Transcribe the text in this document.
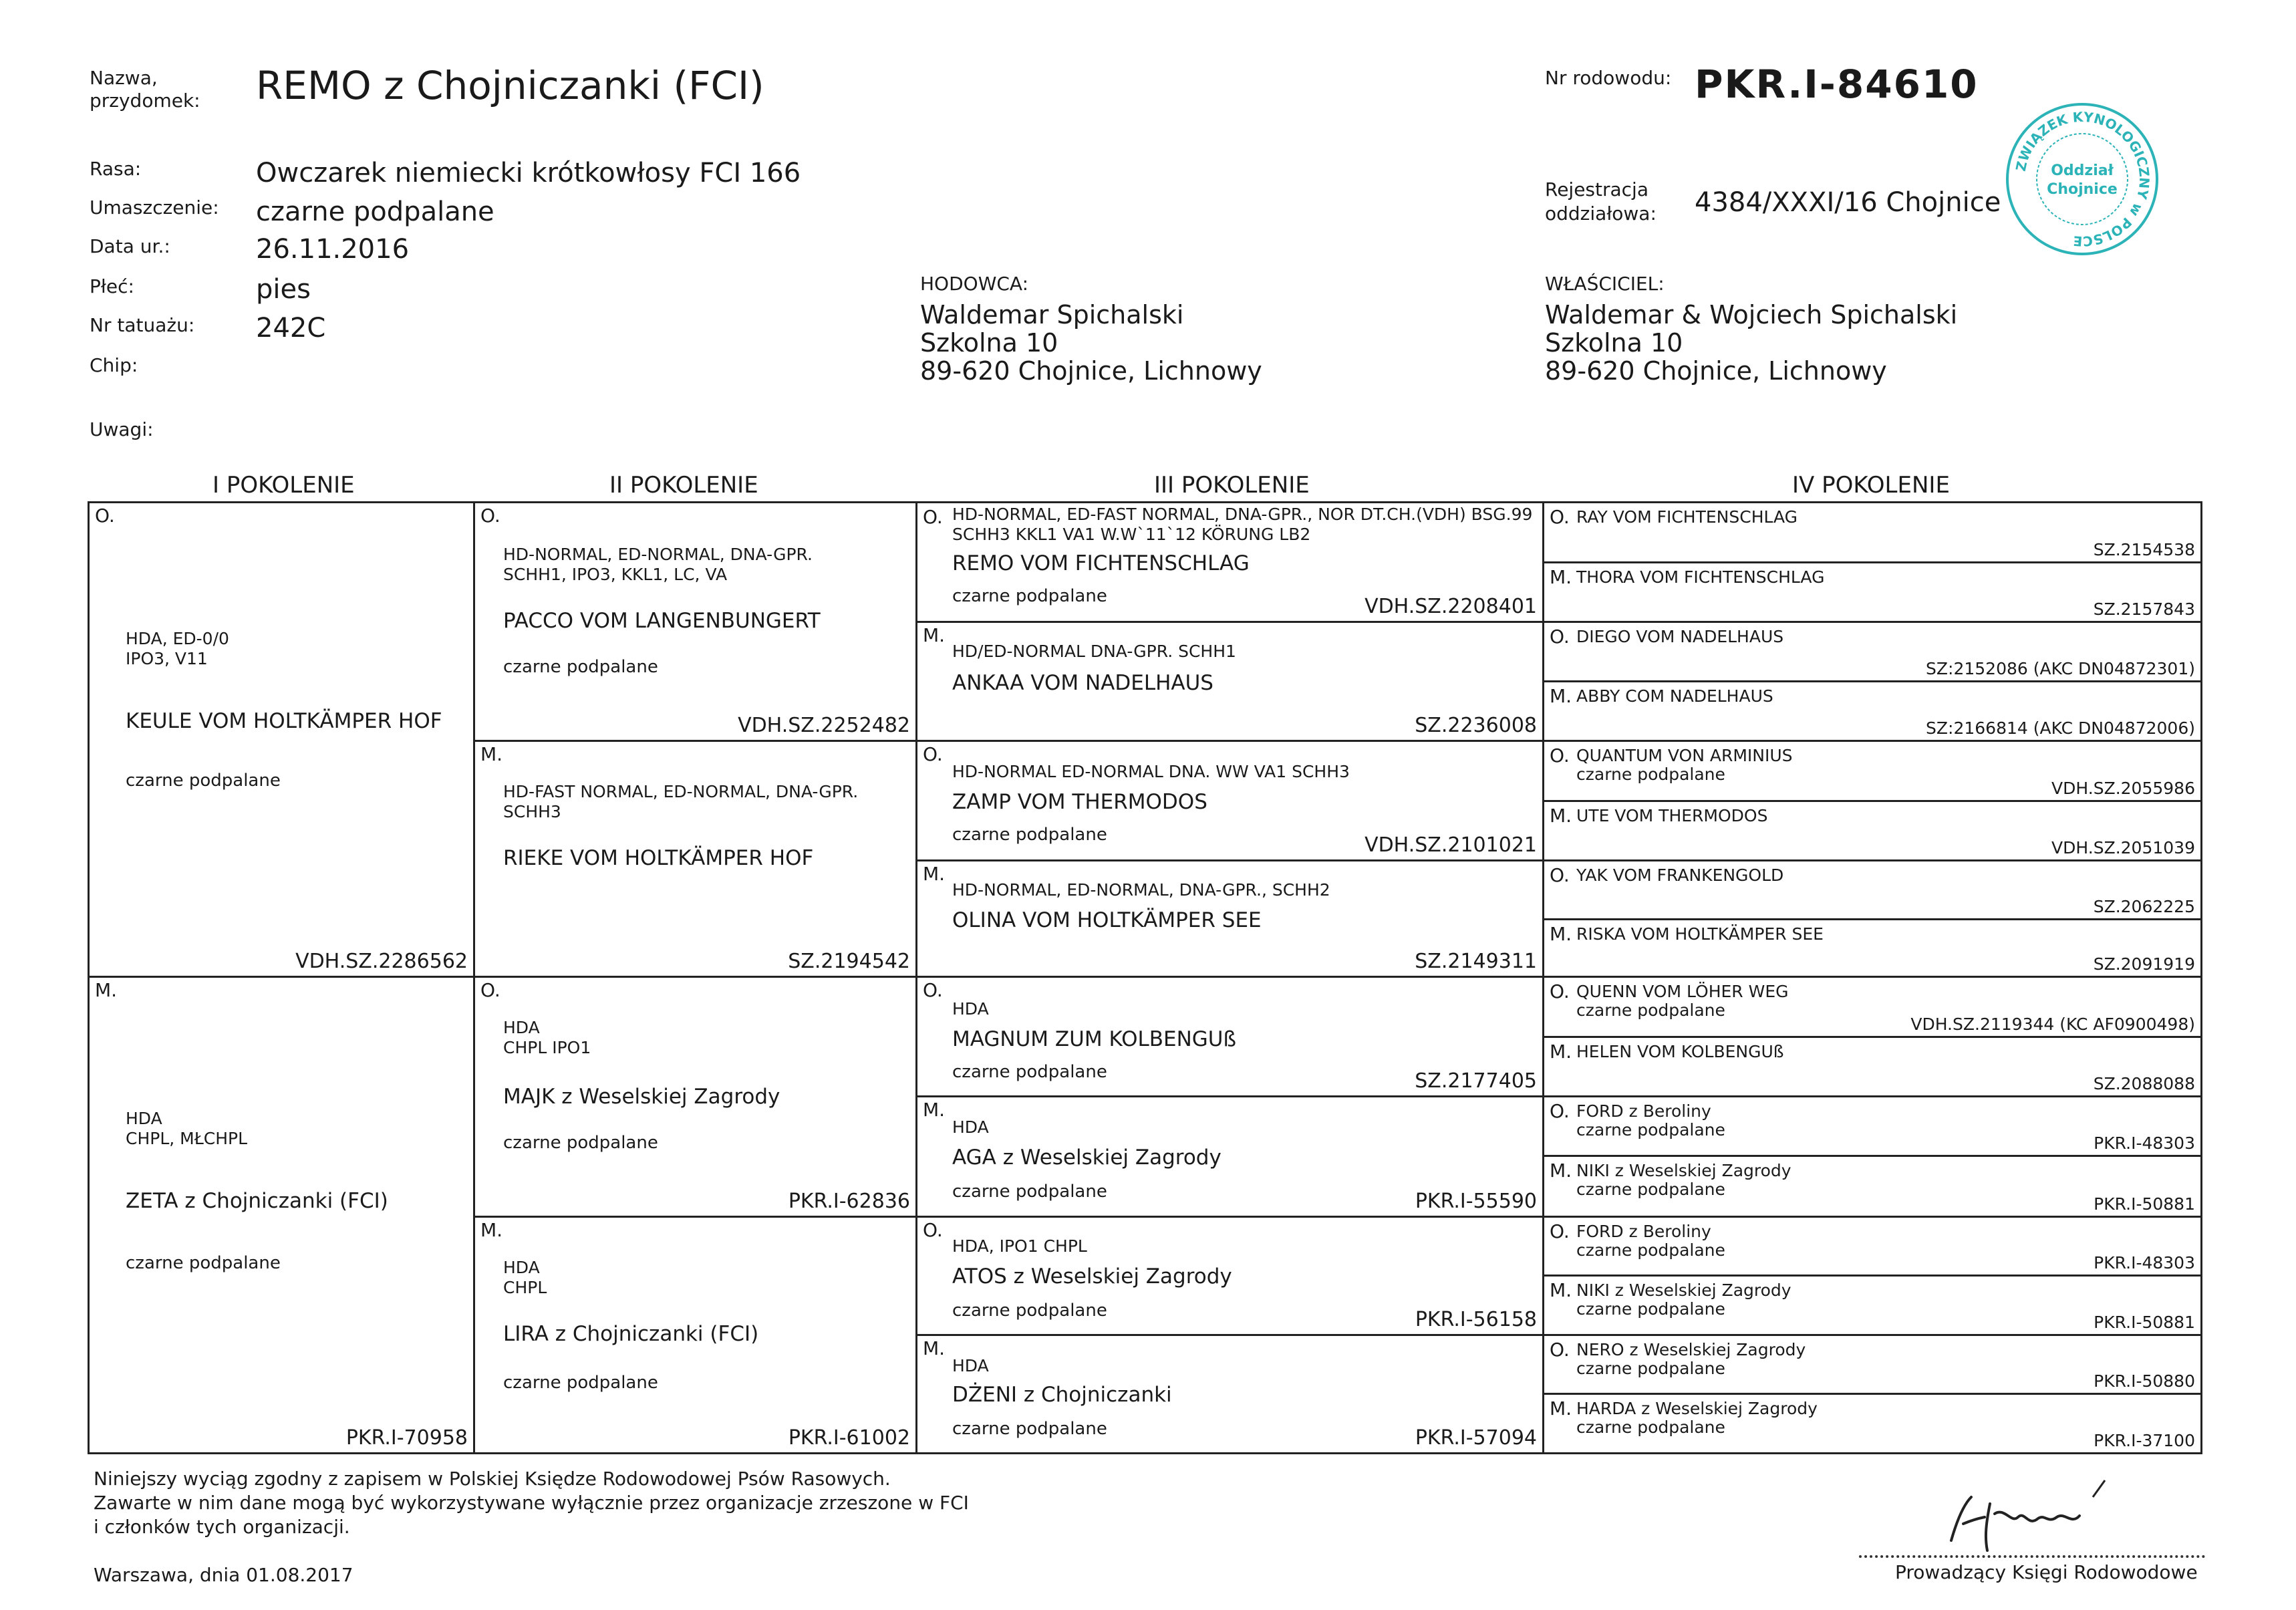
Nazwa,
przydomek: REMO z Chojniczanki (FCI)	Nr rodowodu: PKR.I-84610
Rasa:	Owczarek niemiecki krótkowłosy FCI 166
Umaszczenie: czarne podpalane
Data ur.:	26.11.2016
Płeć:	pies
Nr tatuażu: 242C
Chip:
Uwagi:
Rejestracja
oddziałowa: 4384/XXXI/16 Chojnice
HODOWCA:
Waldemar Spichalski
Szkolna 10
89-620 Chojnice, Lichnowy
WŁAŚCICIEL:
Waldemar & Wojciech Spichalski
Szkolna 10
89-620 Chojnice, Lichnowy
ZWIĄZEK KYNOLOGICZNY w POLSCE
Oddział
Chojnice
I POKOLENIE	II POKOLENIE	III POKOLENIE	IV POKOLENIE
O.
HDA, ED-0/0
IPO3, V11
KEULE VOM HOLTKÄMPER HOF
czarne podpalane
VDH.SZ.2286562
M.
HDA
CHPL, MŁCHPL
ZETA z Chojniczanki (FCI)
czarne podpalane
PKR.I-70958
O.
HD-NORMAL, ED-NORMAL, DNA-GPR.
SCHH1, IPO3, KKL1, LC, VA
PACCO VOM LANGENBUNGERT
czarne podpalane
VDH.SZ.2252482
M.
HD-FAST NORMAL, ED-NORMAL, DNA-GPR.
SCHH3
RIEKE VOM HOLTKÄMPER HOF
SZ.2194542
O.
HDA
CHPL IPO1
MAJK z Weselskiej Zagrody
czarne podpalane
PKR.I-62836
M.
HDA
CHPL
LIRA z Chojniczanki (FCI)
czarne podpalane
PKR.I-61002
O. HD-NORMAL, ED-FAST NORMAL, DNA-GPR., NOR DT.CH.(VDH) BSG.99
SCHH3 KKL1 VA1 W.W`11`12 KÖRUNG LB2
REMO VOM FICHTENSCHLAG
czarne podpalane	VDH.SZ.2208401
M.
HD/ED-NORMAL DNA-GPR. SCHH1
ANKAA VOM NADELHAUS
SZ.2236008
O.
HD-NORMAL ED-NORMAL DNA. WW VA1 SCHH3
ZAMP VOM THERMODOS
czarne podpalane	VDH.SZ.2101021
M.
HD-NORMAL, ED-NORMAL, DNA-GPR., SCHH2
OLINA VOM HOLTKÄMPER SEE
SZ.2149311
O.
HDA
MAGNUM ZUM KOLBENGUß
czarne podpalane	SZ.2177405
M.
HDA
AGA z Weselskiej Zagrody
czarne podpalane	PKR.I-55590
O.
HDA, IPO1 CHPL
ATOS z Weselskiej Zagrody
czarne podpalane	PKR.I-56158
M.
HDA
DŻENI z Chojniczanki
czarne podpalane	PKR.I-57094
O. RAY VOM FICHTENSCHLAG
SZ.2154538
M. THORA VOM FICHTENSCHLAG
SZ.2157843
O. DIEGO VOM NADELHAUS
SZ:2152086 (AKC DN04872301)
M. ABBY COM NADELHAUS
SZ:2166814 (AKC DN04872006)
O. QUANTUM VON ARMINIUS
czarne podpalane
VDH.SZ.2055986
M. UTE VOM THERMODOS
VDH.SZ.2051039
O. YAK VOM FRANKENGOLD
SZ.2062225
M. RISKA VOM HOLTKÄMPER SEE
SZ.2091919
O. QUENN VOM LÖHER WEG
czarne podpalane
VDH.SZ.2119344 (KC AF0900498)
M. HELEN VOM KOLBENGUß
SZ.2088088
O. FORD z Beroliny
czarne podpalane
PKR.I-48303
M. NIKI z Weselskiej Zagrody
czarne podpalane
PKR.I-50881
O. FORD z Beroliny
czarne podpalane
PKR.I-48303
M. NIKI z Weselskiej Zagrody
czarne podpalane
PKR.I-50881
O. NERO z Weselskiej Zagrody
czarne podpalane
PKR.I-50880
M. HARDA z Weselskiej Zagrody
czarne podpalane
PKR.I-37100
Niniejszy wyciąg zgodny z zapisem w Polskiej Księdze Rodowodowej Psów Rasowych.
Zawarte w nim dane mogą być wykorzystywane wyłącznie przez organizacje zrzeszone w FCI
i członków tych organizacji.
Warszawa, dnia 01.08.2017	Prowadzący Księgi Rodowodowe
